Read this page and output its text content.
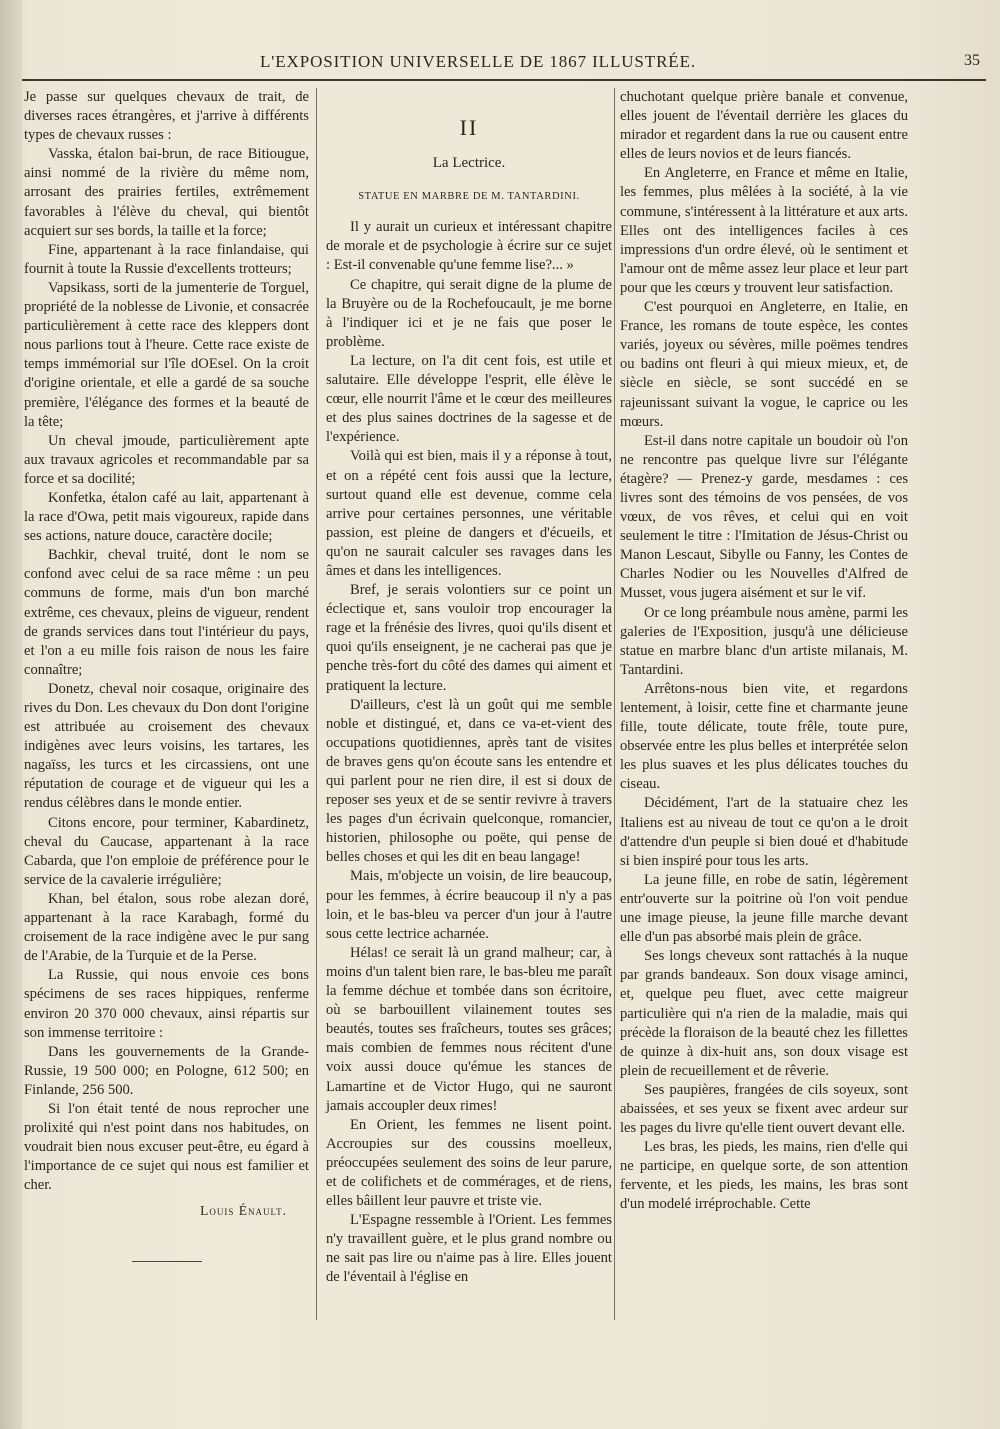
L'EXPOSITION UNIVERSELLE DE 1867 ILLUSTRÉE.	35

Je passe sur quelques chevaux de trait, de diverses races étrangères, et j'arrive à différents types de chevaux russes :

Vasska, étalon bai-brun, de race Bitiougue, ainsi nommé de la rivière du même nom, arrosant des prairies fertiles, extrêmement favorables à l'élève du cheval, qui bientôt acquiert sur ses bords, la taille et la force;

Fine, appartenant à la race finlandaise, qui fournit à toute la Russie d'excellents trotteurs;

Vapsikass, sorti de la jumenterie de Torguel, propriété de la noblesse de Livonie, et consacrée particulièrement à cette race des kleppers dont nous parlions tout à l'heure. Cette race existe de temps immémorial sur l'île dOEsel. On la croit d'origine orientale, et elle a gardé de sa souche première, l'élégance des formes et la beauté de la tête;

Un cheval jmoude, particulièrement apte aux travaux agricoles et recommandable par sa force et sa docilité;

Konfetka, étalon café au lait, appartenant à la race d'Owa, petit mais vigoureux, rapide dans ses actions, nature douce, caractère docile;

Bachkir, cheval truité, dont le nom se confond avec celui de sa race même : un peu communs de forme, mais d'un bon marché extrême, ces chevaux, pleins de vigueur, rendent de grands services dans tout l'intérieur du pays, et l'on a eu mille fois raison de nous les faire connaître;

Donetz, cheval noir cosaque, originaire des rives du Don. Les chevaux du Don dont l'origine est attribuée au croisement des chevaux indigènes avec leurs voisins, les tartares, les nagaïss, les turcs et les circassiens, ont une réputation de courage et de vigueur qui les a rendus célèbres dans le monde entier.

Citons encore, pour terminer, Kabardinetz, cheval du Caucase, appartenant à la race Cabarda, que l'on emploie de préférence pour le service de la cavalerie irrégulière;

Khan, bel étalon, sous robe alezan doré, appartenant à la race Karabagh, formé du croisement de la race indigène avec le pur sang de l'Arabie, de la Turquie et de la Perse.

La Russie, qui nous envoie ces bons spécimens de ses races hippiques, renferme environ 20 370 000 chevaux, ainsi répartis sur son immense territoire :

Dans les gouvernements de la Grande-Russie, 19 500 000; en Pologne, 612 500; en Finlande, 256 500.

Si l'on était tenté de nous reprocher une prolixité qui n'est point dans nos habitudes, on voudrait bien nous excuser peut-être, eu égard à l'importance de ce sujet qui nous est familier et cher.

Louis Énault.
II
La Lectrice.
STATUE EN MARBRE DE M. TANTARDINI.

Il y aurait un curieux et intéressant chapitre de morale et de psychologie à écrire sur ce sujet : Est-il convenable qu'une femme lise?... »

Ce chapitre, qui serait digne de la plume de la Bruyère ou de la Rochefoucault, je me borne à l'indiquer ici et je ne fais que poser le problème.

La lecture, on l'a dit cent fois, est utile et salutaire. Elle développe l'esprit, elle élève le cœur, elle nourrit l'âme et le cœur des meilleures et des plus saines doctrines de la sagesse et de l'expérience.

Voilà qui est bien, mais il y a réponse à tout, et on a répété cent fois aussi que la lecture, surtout quand elle est devenue, comme cela arrive pour certaines personnes, une véritable passion, est pleine de dangers et d'écueils, et qu'on ne saurait calculer ses ravages dans les âmes et dans les intelligences.

Bref, je serais volontiers sur ce point un éclectique et, sans vouloir trop encourager la rage et la frénésie des livres, quoi qu'ils disent et quoi qu'ils enseignent, je ne cacherai pas que je penche très-fort du côté des dames qui aiment et pratiquent la lecture.

D'ailleurs, c'est là un goût qui me semble noble et distingué, et, dans ce va-et-vient des occupations quotidiennes, après tant de visites de braves gens qu'on écoute sans les entendre et qui parlent pour ne rien dire, il est si doux de reposer ses yeux et de se sentir revivre à travers les pages d'un écrivain quelconque, romancier, historien, philosophe ou poëte, qui pense de belles choses et qui les dit en beau langage!

Mais, m'objecte un voisin, de lire beaucoup, pour les femmes, à écrire beaucoup il n'y a pas loin, et le bas-bleu va percer d'un jour à l'autre sous cette lectrice acharnée.

Hélas! ce serait là un grand malheur; car, à moins d'un talent bien rare, le bas-bleu me paraît la femme déchue et tombée dans son écritoire, où se barbouillent vilainement toutes ses beautés, toutes ses fraîcheurs, toutes ses grâces; mais combien de femmes nous récitent d'une voix aussi douce qu'émue les stances de Lamartine et de Victor Hugo, qui ne sauront jamais accoupler deux rimes!

En Orient, les femmes ne lisent point. Accroupies sur des coussins moelleux, préoccupées seulement des soins de leur parure, et de colifichets et de commérages, et de riens, elles bâillent leur pauvre et triste vie.

L'Espagne ressemble à l'Orient. Les femmes n'y travaillent guère, et le plus grand nombre ou ne sait pas lire ou n'aime pas à lire. Elles jouent de l'éventail à l'église en

chuchotant quelque prière banale et convenue, elles jouent de l'éventail derrière les glaces du mirador et regardent dans la rue ou causent entre elles de leurs novios et de leurs fiancés.

En Angleterre, en France et même en Italie, les femmes, plus mêlées à la société, à la vie commune, s'intéressent à la littérature et aux arts. Elles ont des intelligences faciles à ces impressions d'un ordre élevé, où le sentiment et l'amour ont de même assez leur place et leur part pour que les cœurs y trouvent leur satisfaction.

C'est pourquoi en Angleterre, en Italie, en France, les romans de toute espèce, les contes variés, joyeux ou sévères, mille poëmes tendres ou badins ont fleuri à qui mieux mieux, et, de siècle en siècle, se sont succédé en se rajeunissant suivant la vogue, le caprice ou les mœurs.

Est-il dans notre capitale un boudoir où l'on ne rencontre pas quelque livre sur l'élégante étagère? — Prenez-y garde, mesdames : ces livres sont des témoins de vos pensées, de vos vœux, de vos rêves, et celui qui en voit seulement le titre : l'Imitation de Jésus-Christ ou Manon Lescaut, Sibylle ou Fanny, les Contes de Charles Nodier ou les Nouvelles d'Alfred de Musset, vous jugera aisément et sur le vif.

Or ce long préambule nous amène, parmi les galeries de l'Exposition, jusqu'à une délicieuse statue en marbre blanc d'un artiste milanais, M. Tantardini.

Arrêtons-nous bien vite, et regardons lentement, à loisir, cette fine et charmante jeune fille, toute délicate, toute frêle, toute pure, observée entre les plus belles et interprétée selon les plus suaves et les plus délicates touches du ciseau.

Décidément, l'art de la statuaire chez les Italiens est au niveau de tout ce qu'on a le droit d'attendre d'un peuple si bien doué et d'habitude si bien inspiré pour tous les arts.

La jeune fille, en robe de satin, légèrement entr'ouverte sur la poitrine où l'on voit pendue une image pieuse, la jeune fille marche devant elle d'un pas absorbé mais plein de grâce.

Ses longs cheveux sont rattachés à la nuque par grands bandeaux. Son doux visage aminci, et, quelque peu fluet, avec cette maigreur particulière qui n'a rien de la maladie, mais qui précède la floraison de la beauté chez les fillettes de quinze à dix-huit ans, son doux visage est plein de recueillement et de rêverie.

Ses paupières, frangées de cils soyeux, sont abaissées, et ses yeux se fixent avec ardeur sur les pages du livre qu'elle tient ouvert devant elle.

Les bras, les pieds, les mains, rien d'elle qui ne participe, en quelque sorte, de son attention fervente, et les pieds, les mains, les bras sont d'un modelé irréprochable. Cette
